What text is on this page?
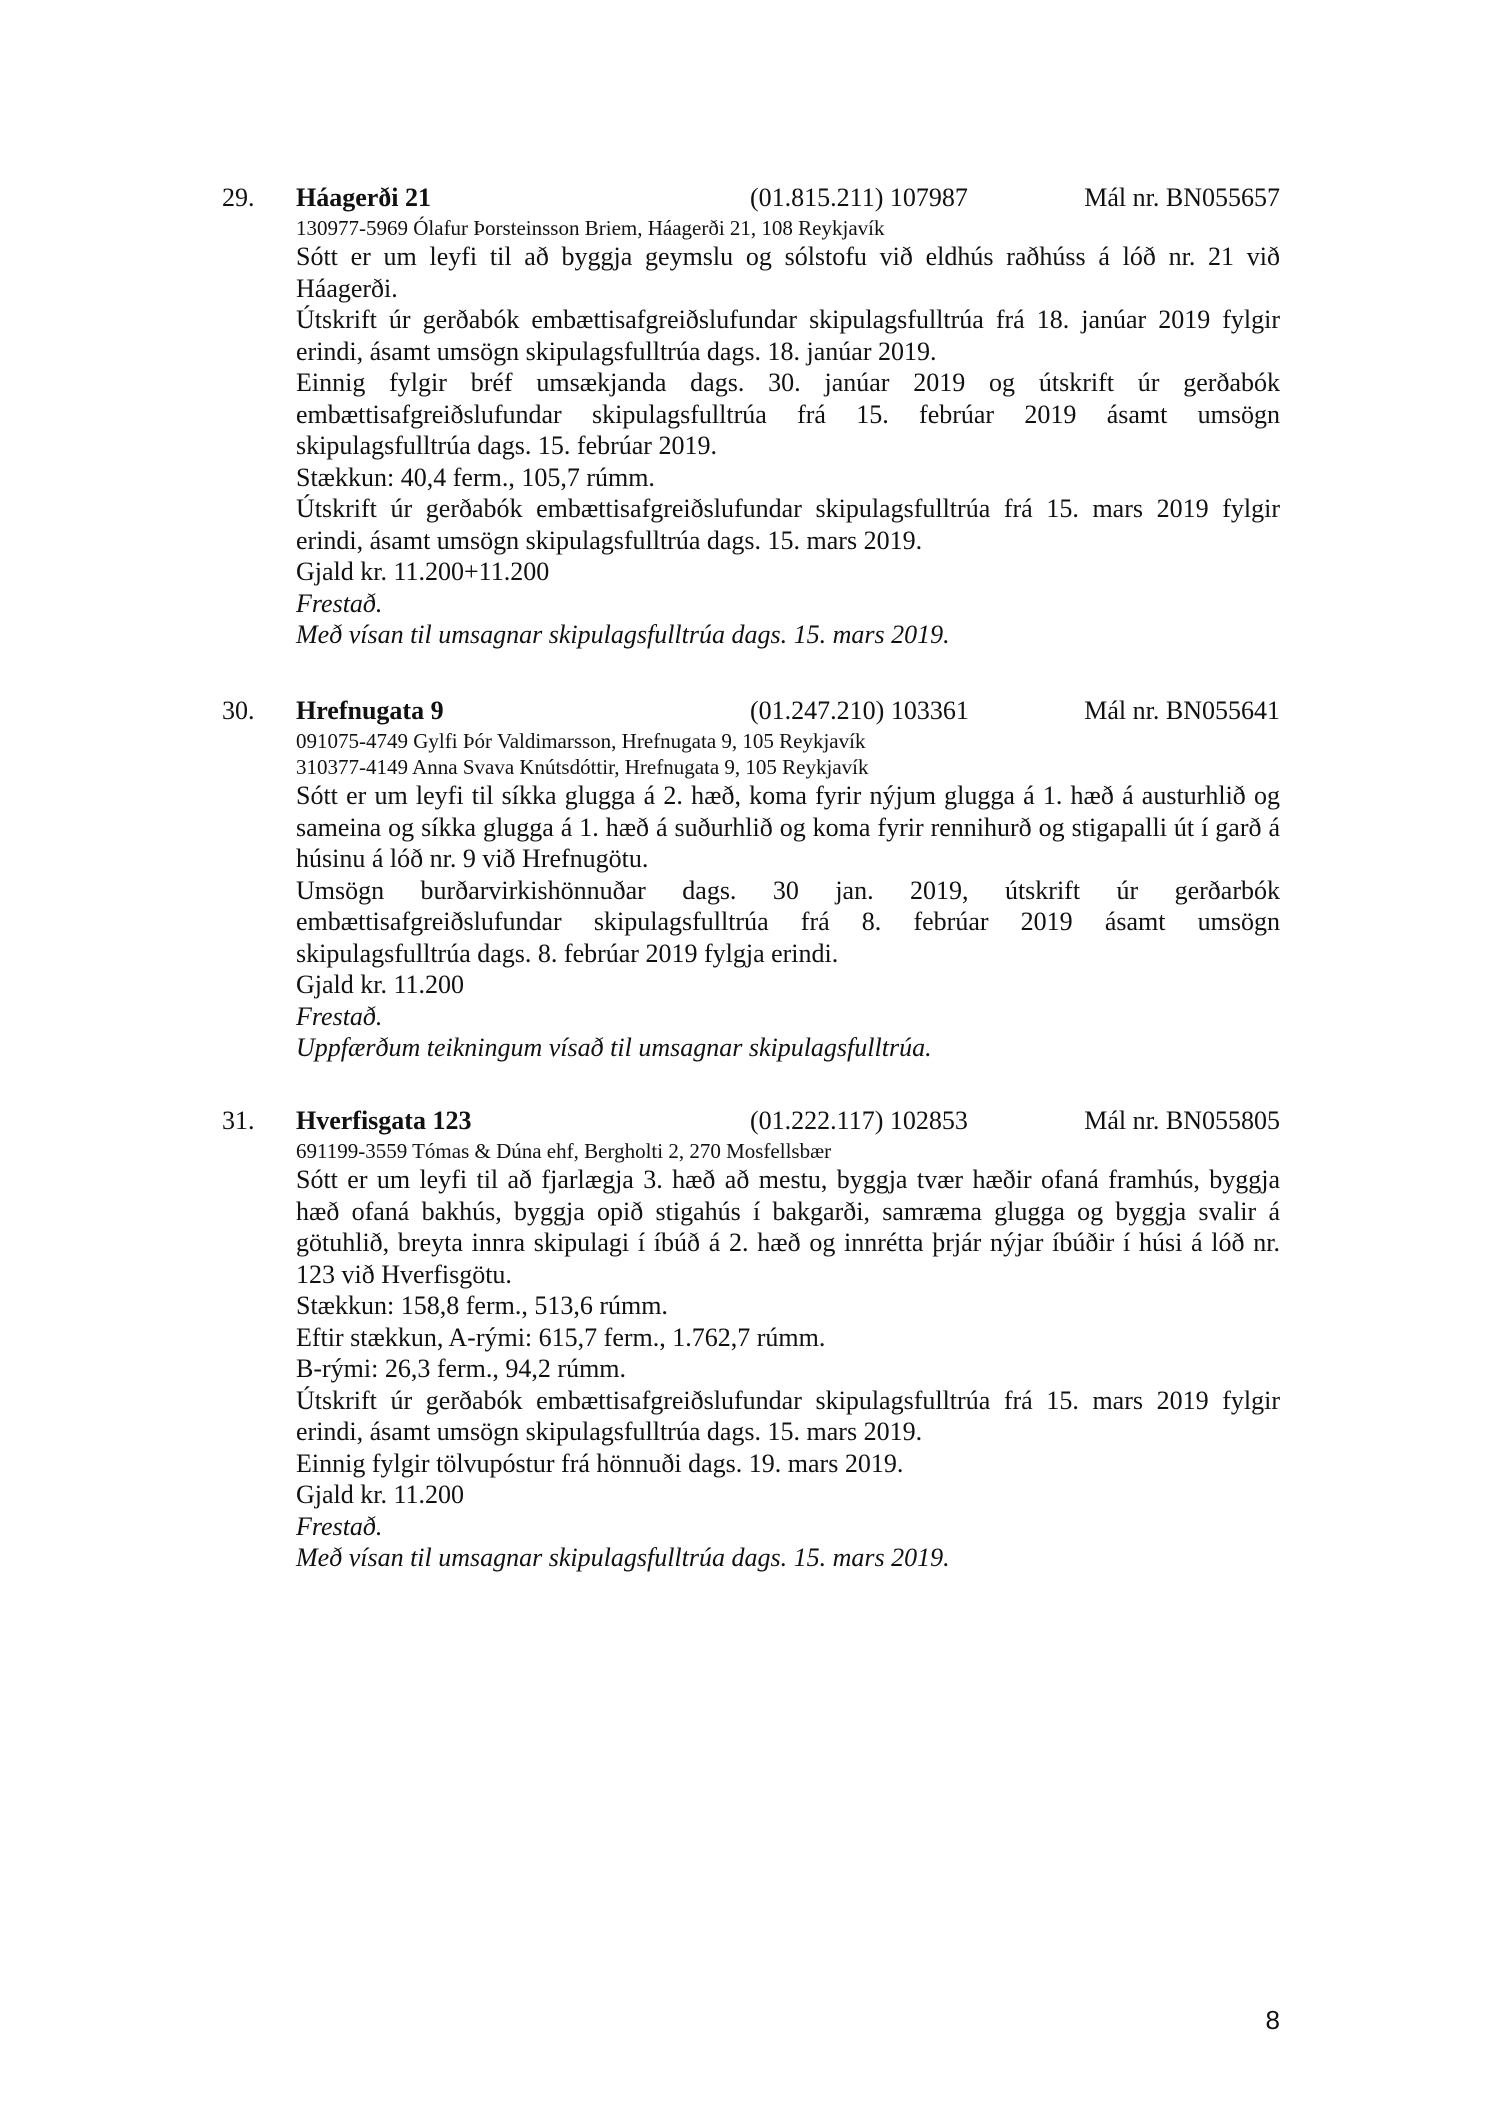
29. Háagerði 21	(01.815.211) 107987	Mál nr. BN055657
130977-5969 Ólafur Þorsteinsson Briem, Háagerði 21, 108 Reykjavík

Sótt er um leyfi til að byggja geymslu og sólstofu við eldhús raðhúss á lóð nr. 21 við Háagerði.

Útskrift úr gerðabók embættisafgreiðslufundar skipulagsfulltrúa frá 18. janúar 2019 fylgir erindi, ásamt umsögn skipulagsfulltrúa dags. 18. janúar 2019.

Einnig fylgir bréf umsækjanda dags. 30. janúar 2019 og útskrift úr gerðabók embættisafgreiðslufundar skipulagsfulltrúa frá 15. febrúar 2019 ásamt umsögn skipulagsfulltrúa dags. 15. febrúar 2019.

Stækkun: 40,4 ferm., 105,7 rúmm.

Útskrift úr gerðabók embættisafgreiðslufundar skipulagsfulltrúa frá 15. mars 2019 fylgir erindi, ásamt umsögn skipulagsfulltrúa dags. 15. mars 2019.

Gjald kr. 11.200+11.200

Frestað.

Með vísan til umsagnar skipulagsfulltrúa dags. 15. mars 2019.

30. Hrefnugata 9	(01.247.210) 103361	Mál nr. BN055641
091075-4749 Gylfi Þór Valdimarsson, Hrefnugata 9, 105 Reykjavík
310377-4149 Anna Svava Knútsdóttir, Hrefnugata 9, 105 Reykjavík

Sótt er um leyfi til síkka glugga á 2. hæð, koma fyrir nýjum glugga á 1. hæð á austurhlið og sameina og síkka glugga á 1. hæð á suðurhlið og koma fyrir rennihurð og stigapalli út í garð á húsinu á lóð nr. 9 við Hrefnugötu.

Umsögn burðarvirkishönnuðar dags. 30 jan. 2019, útskrift úr gerðarbók embættisafgreiðslufundar skipulagsfulltrúa frá 8. febrúar 2019 ásamt umsögn skipulagsfulltrúa dags. 8. febrúar 2019 fylgja erindi.

Gjald kr. 11.200

Frestað.

Uppfærðum teikningum vísað til umsagnar skipulagsfulltrúa.

31. Hverfisgata 123	(01.222.117) 102853	Mál nr. BN055805
691199-3559 Tómas & Dúna ehf, Bergholti 2, 270 Mosfellsbær

Sótt er um leyfi til að fjarlægja 3. hæð að mestu, byggja tvær hæðir ofaná framhús, byggja hæð ofaná bakhús, byggja opið stigahús í bakgarði, samræma glugga og byggja svalir á götuhlið, breyta innra skipulagi í íbúð á 2. hæð og innrétta þrjár nýjar íbúðir í húsi á lóð nr. 123 við Hverfisgötu.

Stækkun: 158,8 ferm., 513,6 rúmm.

Eftir stækkun, A-rými: 615,7 ferm., 1.762,7 rúmm.

B-rými: 26,3 ferm., 94,2 rúmm.

Útskrift úr gerðabók embættisafgreiðslufundar skipulagsfulltrúa frá 15. mars 2019 fylgir erindi, ásamt umsögn skipulagsfulltrúa dags. 15. mars 2019.

Einnig fylgir tölvupóstur frá hönnuði dags. 19. mars 2019.

Gjald kr. 11.200

Frestað.

Með vísan til umsagnar skipulagsfulltrúa dags. 15. mars 2019.

8
